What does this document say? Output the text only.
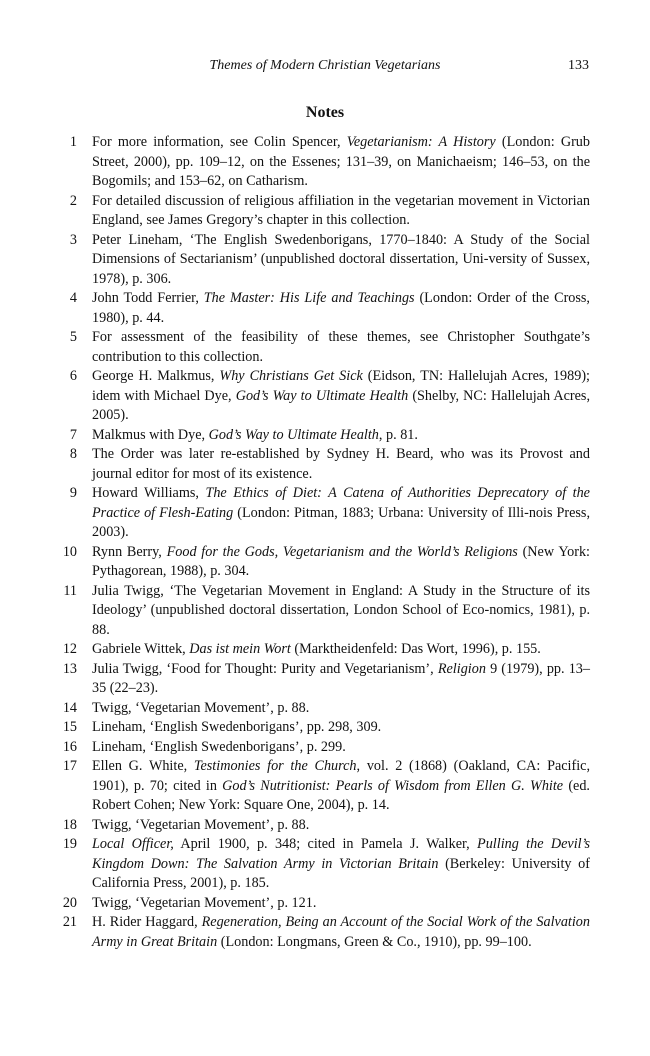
Themes of Modern Christian Vegetarians	133
Notes
1	For more information, see Colin Spencer, Vegetarianism: A History (London: Grub Street, 2000), pp. 109–12, on the Essenes; 131–39, on Manichaeism; 146–53, on the Bogomils; and 153–62, on Catharism.
2	For detailed discussion of religious affiliation in the vegetarian movement in Victorian England, see James Gregory’s chapter in this collection.
3	Peter Lineham, ‘The English Swedenborigans, 1770–1840: A Study of the Social Dimensions of Sectarianism’ (unpublished doctoral dissertation, Uni-versity of Sussex, 1978), p. 306.
4	John Todd Ferrier, The Master: His Life and Teachings (London: Order of the Cross, 1980), p. 44.
5	For assessment of the feasibility of these themes, see Christopher Southgate’s contribution to this collection.
6	George H. Malkmus, Why Christians Get Sick (Eidson, TN: Hallelujah Acres, 1989); idem with Michael Dye, God’s Way to Ultimate Health (Shelby, NC: Hallelujah Acres, 2005).
7	Malkmus with Dye, God’s Way to Ultimate Health, p. 81.
8	The Order was later re-established by Sydney H. Beard, who was its Provost and journal editor for most of its existence.
9	Howard Williams, The Ethics of Diet: A Catena of Authorities Deprecatory of the Practice of Flesh-Eating (London: Pitman, 1883; Urbana: University of Illi-nois Press, 2003).
10	Rynn Berry, Food for the Gods, Vegetarianism and the World’s Religions (New York: Pythagorean, 1988), p. 304.
11	Julia Twigg, ‘The Vegetarian Movement in England: A Study in the Structure of its Ideology’ (unpublished doctoral dissertation, London School of Eco-nomics, 1981), p. 88.
12	Gabriele Wittek, Das ist mein Wort (Marktheidenfeld: Das Wort, 1996), p. 155.
13	Julia Twigg, ‘Food for Thought: Purity and Vegetarianism’, Religion 9 (1979), pp. 13–35 (22–23).
14	Twigg, ‘Vegetarian Movement’, p. 88.
15	Lineham, ‘English Swedenborigans’, pp. 298, 309.
16	Lineham, ‘English Swedenborigans’, p. 299.
17	Ellen G. White, Testimonies for the Church, vol. 2 (1868) (Oakland, CA: Pacific, 1901), p. 70; cited in God’s Nutritionist: Pearls of Wisdom from Ellen G. White (ed. Robert Cohen; New York: Square One, 2004), p. 14.
18	Twigg, ‘Vegetarian Movement’, p. 88.
19	Local Officer, April 1900, p. 348; cited in Pamela J. Walker, Pulling the Devil’s Kingdom Down: The Salvation Army in Victorian Britain (Berkeley: University of California Press, 2001), p. 185.
20	Twigg, ‘Vegetarian Movement’, p. 121.
21	H. Rider Haggard, Regeneration, Being an Account of the Social Work of the Salvation Army in Great Britain (London: Longmans, Green & Co., 1910), pp. 99–100.
